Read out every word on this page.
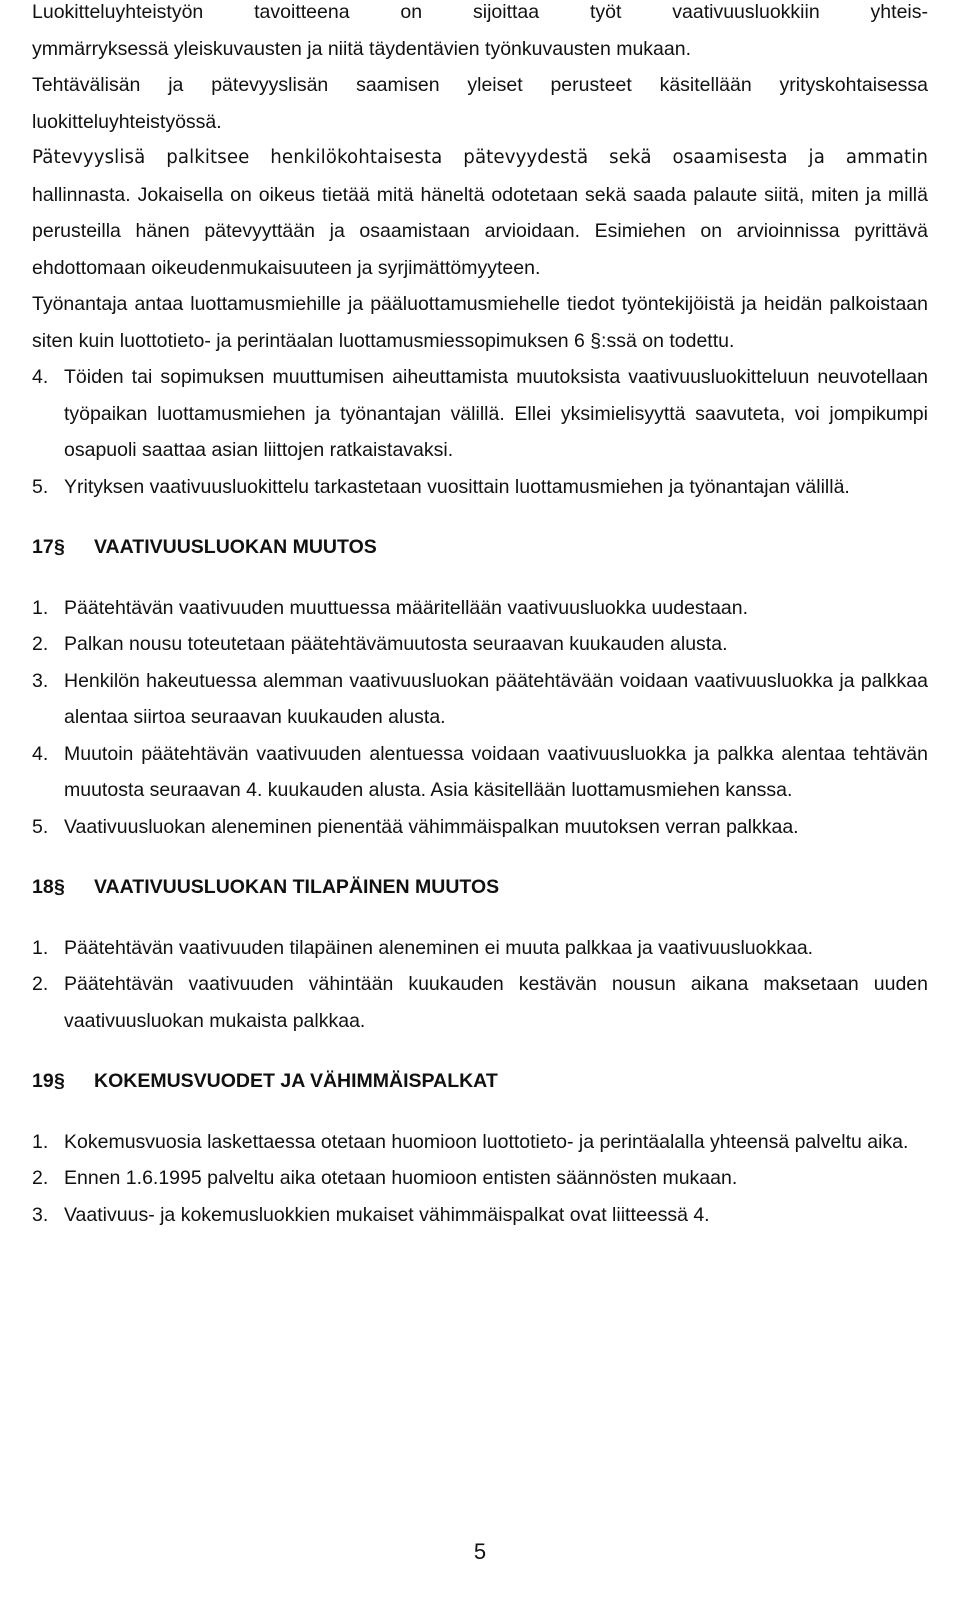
Luokitteluyhteistyön tavoitteena on sijoittaa työt vaativuusluokkiin yhteis-

ymmärryksessä yleiskuvausten ja niitä täydentävien työnkuvausten mukaan.

Tehtävälisän ja pätevyyslisän saamisen yleiset perusteet käsitellään yrityskohtaisessa luokitteluyhteistyössä.

Pätevyyslisä palkitsee henkilökohtaisesta pätevyydestä sekä osaamisesta ja ammatin

hallinnasta. Jokaisella on oikeus tietää mitä häneltä odotetaan sekä saada palaute siitä, miten ja millä perusteilla hänen pätevyyttään ja osaamistaan arvioidaan. Esimiehen on arvioinnissa pyrittävä ehdottomaan oikeudenmukaisuuteen ja syrjimättömyyteen.

Työnantaja antaa luottamusmiehille ja pääluottamusmiehelle tiedot työntekijöistä ja heidän palkoistaan siten kuin luottotieto- ja perintäalan luottamusmiessopimuksen 6 §:ssä on todettu.

4. Töiden tai sopimuksen muuttumisen aiheuttamista muutoksista vaativuusluokitteluun neuvotellaan työpaikan luottamusmiehen ja työnantajan välillä. Ellei yksimielisyyttä saavuteta, voi jompikumpi osapuoli saattaa asian liittojen ratkaistavaksi.

5. Yrityksen vaativuusluokittelu tarkastetaan vuosittain luottamusmiehen ja työnantajan välillä.

17§ VAATIVUUSLUOKAN MUUTOS

1. Päätehtävän vaativuuden muuttuessa määritellään vaativuusluokka uudestaan.

2. Palkan nousu toteutetaan päätehtävämuutosta seuraavan kuukauden alusta.

3. Henkilön hakeutuessa alemman vaativuusluokan päätehtävään voidaan vaativuusluokka ja palkkaa alentaa siirtoa seuraavan kuukauden alusta.

4. Muutoin päätehtävän vaativuuden alentuessa voidaan vaativuusluokka ja palkka alentaa tehtävän muutosta seuraavan 4. kuukauden alusta. Asia käsitellään luottamusmiehen kanssa.

5. Vaativuusluokan aleneminen pienentää vähimmäispalkan muutoksen verran palkkaa.

18§ VAATIVUUSLUOKAN TILAPÄINEN MUUTOS

1. Päätehtävän vaativuuden tilapäinen aleneminen ei muuta palkkaa ja vaativuusluokkaa.

2. Päätehtävän vaativuuden vähintään kuukauden kestävän nousun aikana maksetaan uuden vaativuusluokan mukaista palkkaa.

19§ KOKEMUSVUODET JA VÄHIMMÄISPALKAT

1. Kokemusvuosia laskettaessa otetaan huomioon luottotieto- ja perintäalalla yhteensä palveltu aika.

2. Ennen 1.6.1995 palveltu aika otetaan huomioon entisten säännösten mukaan.

3. Vaativuus- ja kokemusluokkien mukaiset vähimmäispalkat ovat liitteessä 4.

5
